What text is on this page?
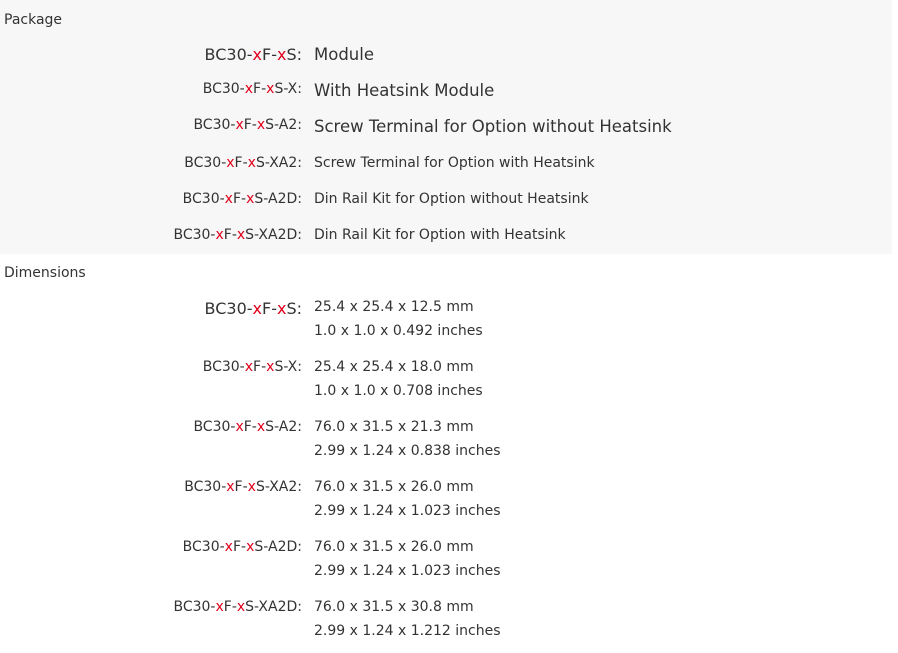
Package
BC30-xF-xS: Module
BC30-xF-xS-X: With Heatsink Module
BC30-xF-xS-A2: Screw Terminal for Option without Heatsink
BC30-xF-xS-XA2: Screw Terminal for Option with Heatsink
BC30-xF-xS-A2D: Din Rail Kit for Option without Heatsink
BC30-xF-xS-XA2D: Din Rail Kit for Option with Heatsink
Dimensions
BC30-xF-xS: 25.4 x 25.4 x 12.5 mm
1.0 x 1.0 x 0.492 inches
BC30-xF-xS-X: 25.4 x 25.4 x 18.0 mm
1.0 x 1.0 x 0.708 inches
BC30-xF-xS-A2: 76.0 x 31.5 x 21.3 mm
2.99 x 1.24 x 0.838 inches
BC30-xF-xS-XA2: 76.0 x 31.5 x 26.0 mm
2.99 x 1.24 x 1.023 inches
BC30-xF-xS-A2D: 76.0 x 31.5 x 26.0 mm
2.99 x 1.24 x 1.023 inches
BC30-xF-xS-XA2D: 76.0 x 31.5 x 30.8 mm
2.99 x 1.24 x 1.212 inches
